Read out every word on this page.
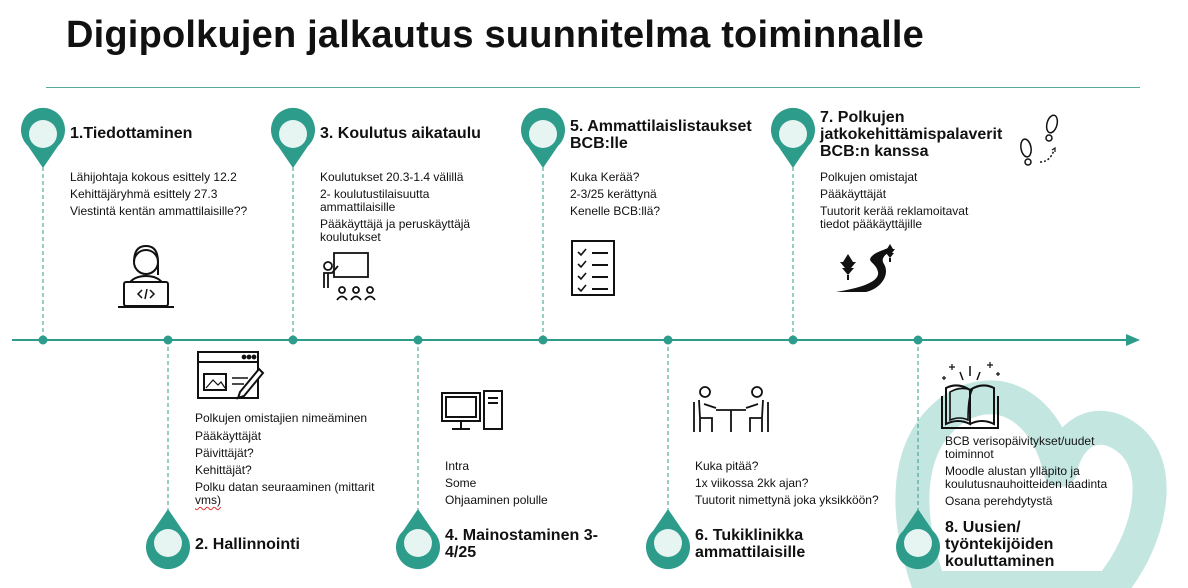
Digipolkujen jalkautus suunnitelma toiminnalle
1.Tiedottaminen
Lähijohtaja kokous esittely 12.2
Kehittäjäryhmä esittely 27.3
Viestintä kentän ammattilaisille??
2. Hallinnointi
Polkujen omistajien nimeäminen
Pääkäyttäjät
Päivittäjät?
Kehittäjät?
Polku datan seuraaminen (mittarit
vms)
3. Koulutus aikataulu
Koulutukset 20.3-1.4 välillä
2- koulutustilaisuutta
ammattilaisille
Pääkäyttäjä ja peruskäyttäjä
koulutukset
4. Mainostaminen 3-
4/25
Intra
Some
Ohjaaminen polulle
5. Ammattilaislistaukset
BCB:lle
Kuka Kerää?
2-3/25 kerättynä
Kenelle BCB:llä?
6. Tukiklinikka
ammattilaisille
Kuka pitää?
1x viikossa 2kk ajan?
Tuutorit nimettynä joka yksikköön?
7. Polkujen
jatkokehittämispalaverit
BCB:n kanssa
Polkujen omistajat
Pääkäyttäjät
Tuutorit kerää reklamoitavat
tiedot pääkäyttäjille
8. Uusien/
työntekijöiden
kouluttaminen
BCB verisopäivitykset/uudet
toiminnot
Moodle alustan ylläpito ja
koulutusnauhoitteiden laadinta
Osana perehdytystä
